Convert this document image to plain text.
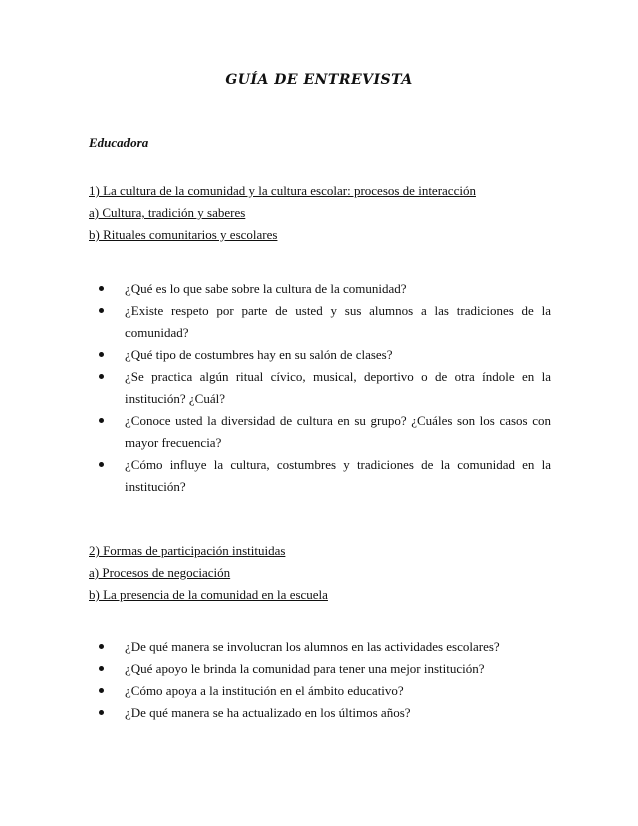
GUÍA DE ENTREVISTA
Educadora
1) La cultura de la comunidad y la cultura escolar: procesos de interacción
a) Cultura, tradición y saberes
b) Rituales comunitarios y escolares
¿Qué es lo que sabe sobre la cultura de la comunidad?
¿Existe respeto por parte de usted y sus alumnos a las tradiciones de la comunidad?
¿Qué tipo de costumbres hay en su salón de clases?
¿Se practica algún ritual cívico, musical, deportivo o de otra índole en la institución? ¿Cuál?
¿Conoce usted la diversidad de cultura en su grupo? ¿Cuáles son los casos con mayor frecuencia?
¿Cómo influye la cultura, costumbres y tradiciones de la comunidad en la institución?
2) Formas de participación instituidas
a) Procesos de negociación
b) La presencia de la comunidad en la escuela
¿De qué manera se involucran los alumnos en las actividades escolares?
¿Qué apoyo le brinda la comunidad para tener una mejor institución?
¿Cómo apoya a la institución en el ámbito educativo?
¿De qué manera se ha actualizado en los últimos años?
